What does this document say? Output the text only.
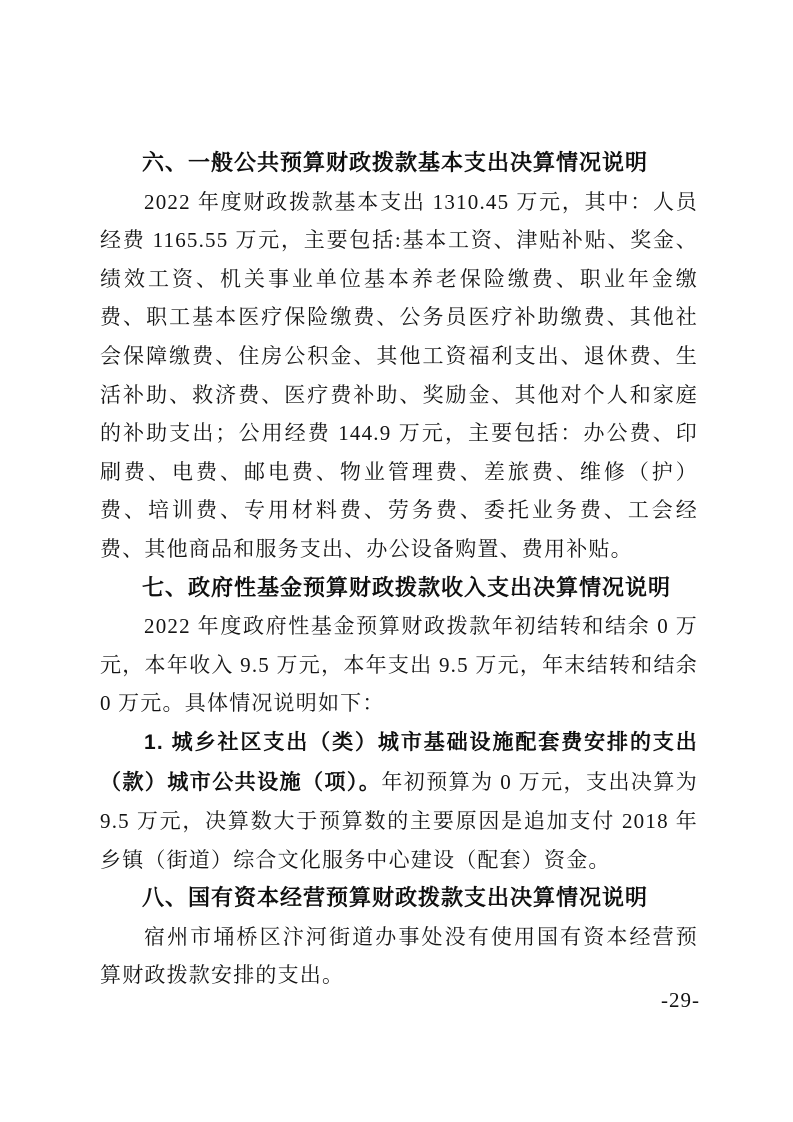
六、一般公共预算财政拨款基本支出决算情况说明

2022 年度财政拨款基本支出 1310.45 万元，其中：人员经费 1165.55 万元，主要包括:基本工资、津贴补贴、奖金、绩效工资、机关事业单位基本养老保险缴费、职业年金缴费、职工基本医疗保险缴费、公务员医疗补助缴费、其他社会保障缴费、住房公积金、其他工资福利支出、退休费、生活补助、救济费、医疗费补助、奖励金、其他对个人和家庭的补助支出；公用经费 144.9 万元，主要包括：办公费、印刷费、电费、邮电费、物业管理费、差旅费、维修（护）费、培训费、专用材料费、劳务费、委托业务费、工会经费、其他商品和服务支出、办公设备购置、费用补贴。

七、政府性基金预算财政拨款收入支出决算情况说明

2022 年度政府性基金预算财政拨款年初结转和结余 0 万元，本年收入 9.5 万元，本年支出 9.5 万元，年末结转和结余 0 万元。具体情况说明如下：

1. 城乡社区支出（类）城市基础设施配套费安排的支出（款）城市公共设施（项）。年初预算为 0 万元，支出决算为 9.5 万元，决算数大于预算数的主要原因是追加支付 2018 年乡镇（街道）综合文化服务中心建设（配套）资金。

八、国有资本经营预算财政拨款支出决算情况说明

宿州市埇桥区汴河街道办事处没有使用国有资本经营预算财政拨款安排的支出。

-29-
